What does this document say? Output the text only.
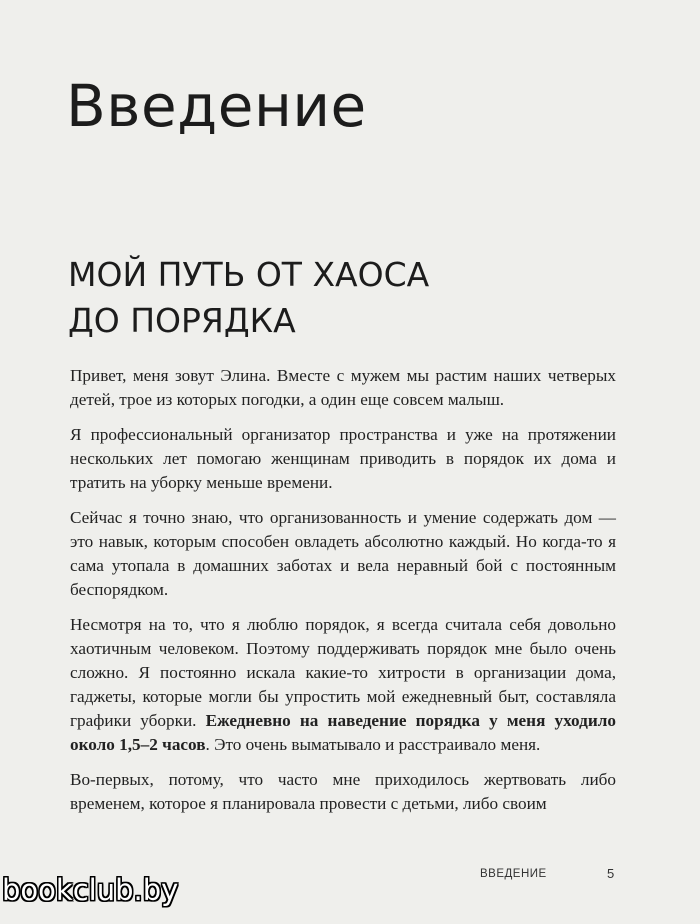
Введение
МОЙ ПУТЬ ОТ ХАОСА
ДО ПОРЯДКА

Привет, меня зовут Элина. Вместе с мужем мы растим наших четверых детей, трое из которых погодки, а один еще совсем малыш.

Я профессиональный организатор пространства и уже на протяжении нескольких лет помогаю женщинам приводить в порядок их дома и тратить на уборку меньше времени.

Сейчас я точно знаю, что организованность и умение содержать дом — это навык, которым способен овладеть абсолютно каждый. Но когда-то я сама утопала в домашних заботах и вела неравный бой с постоянным беспорядком.

Несмотря на то, что я люблю порядок, я всегда считала себя довольно хаотичным человеком. Поэтому поддерживать порядок мне было очень сложно. Я постоянно искала какие-то хитрости в организации дома, гаджеты, которые могли бы упростить мой ежедневный быт, составляла графики уборки. Ежедневно на наведение порядка у меня уходило около 1,5–2 часов. Это очень выматывало и расстраивало меня.

Во-первых, потому, что часто мне приходилось жертвовать либо временем, которое я планировала провести с детьми, либо своим

ВВЕДЕНИЕ	5
bookclub.by
